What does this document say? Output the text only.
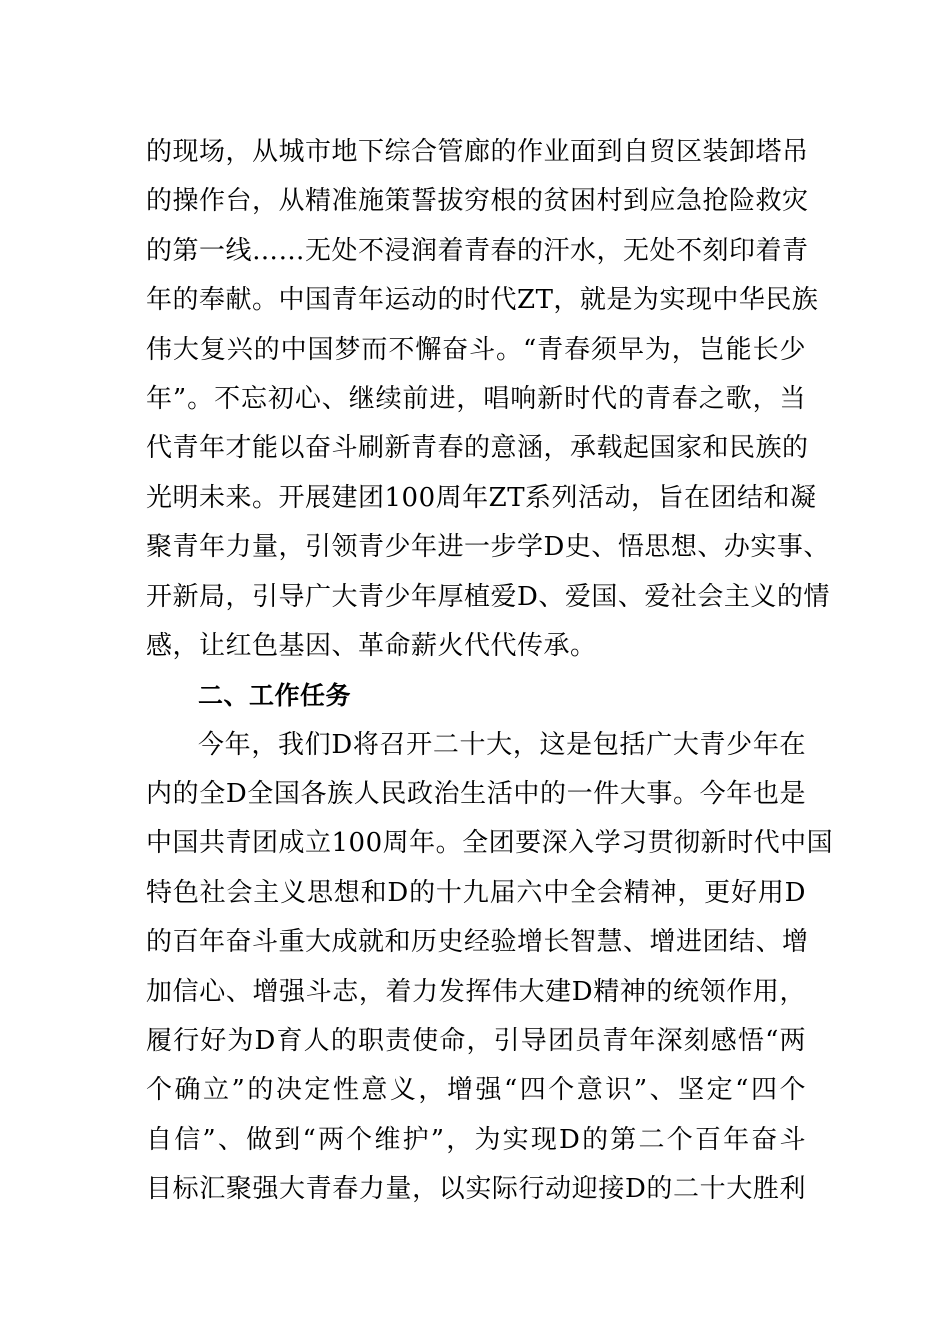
的现场，从城市地下综合管廊的作业面到自贸区装卸塔吊
的操作台，从精准施策誓拔穷根的贫困村到应急抢险救灾
的第一线……无处不浸润着青春的汗水，无处不刻印着青
年的奉献。中国青年运动的时代ZT，就是为实现中华民族
伟大复兴的中国梦而不懈奋斗。“青春须早为，岂能长少
年”。不忘初心、继续前进，唱响新时代的青春之歌，当
代青年才能以奋斗刷新青春的意涵，承载起国家和民族的
光明未来。开展建团100周年ZT系列活动，旨在团结和凝
聚青年力量，引领青少年进一步学D史、悟思想、办实事、
开新局，引导广大青少年厚植爱D、爱国、爱社会主义的情
感，让红色基因、革命薪火代代传承。
二、工作任务
今年，我们D将召开二十大，这是包括广大青少年在
内的全D全国各族人民政治生活中的一件大事。今年也是
中国共青团成立100周年。全团要深入学习贯彻新时代中国
特色社会主义思想和D的十九届六中全会精神，更好用D
的百年奋斗重大成就和历史经验增长智慧、增进团结、增
加信心、增强斗志，着力发挥伟大建D精神的统领作用，
履行好为D育人的职责使命，引导团员青年深刻感悟“两
个确立”的决定性意义，增强“四个意识”、坚定“四个
自信”、做到“两个维护”，为实现D的第二个百年奋斗
目标汇聚强大青春力量，以实际行动迎接D的二十大胜利
